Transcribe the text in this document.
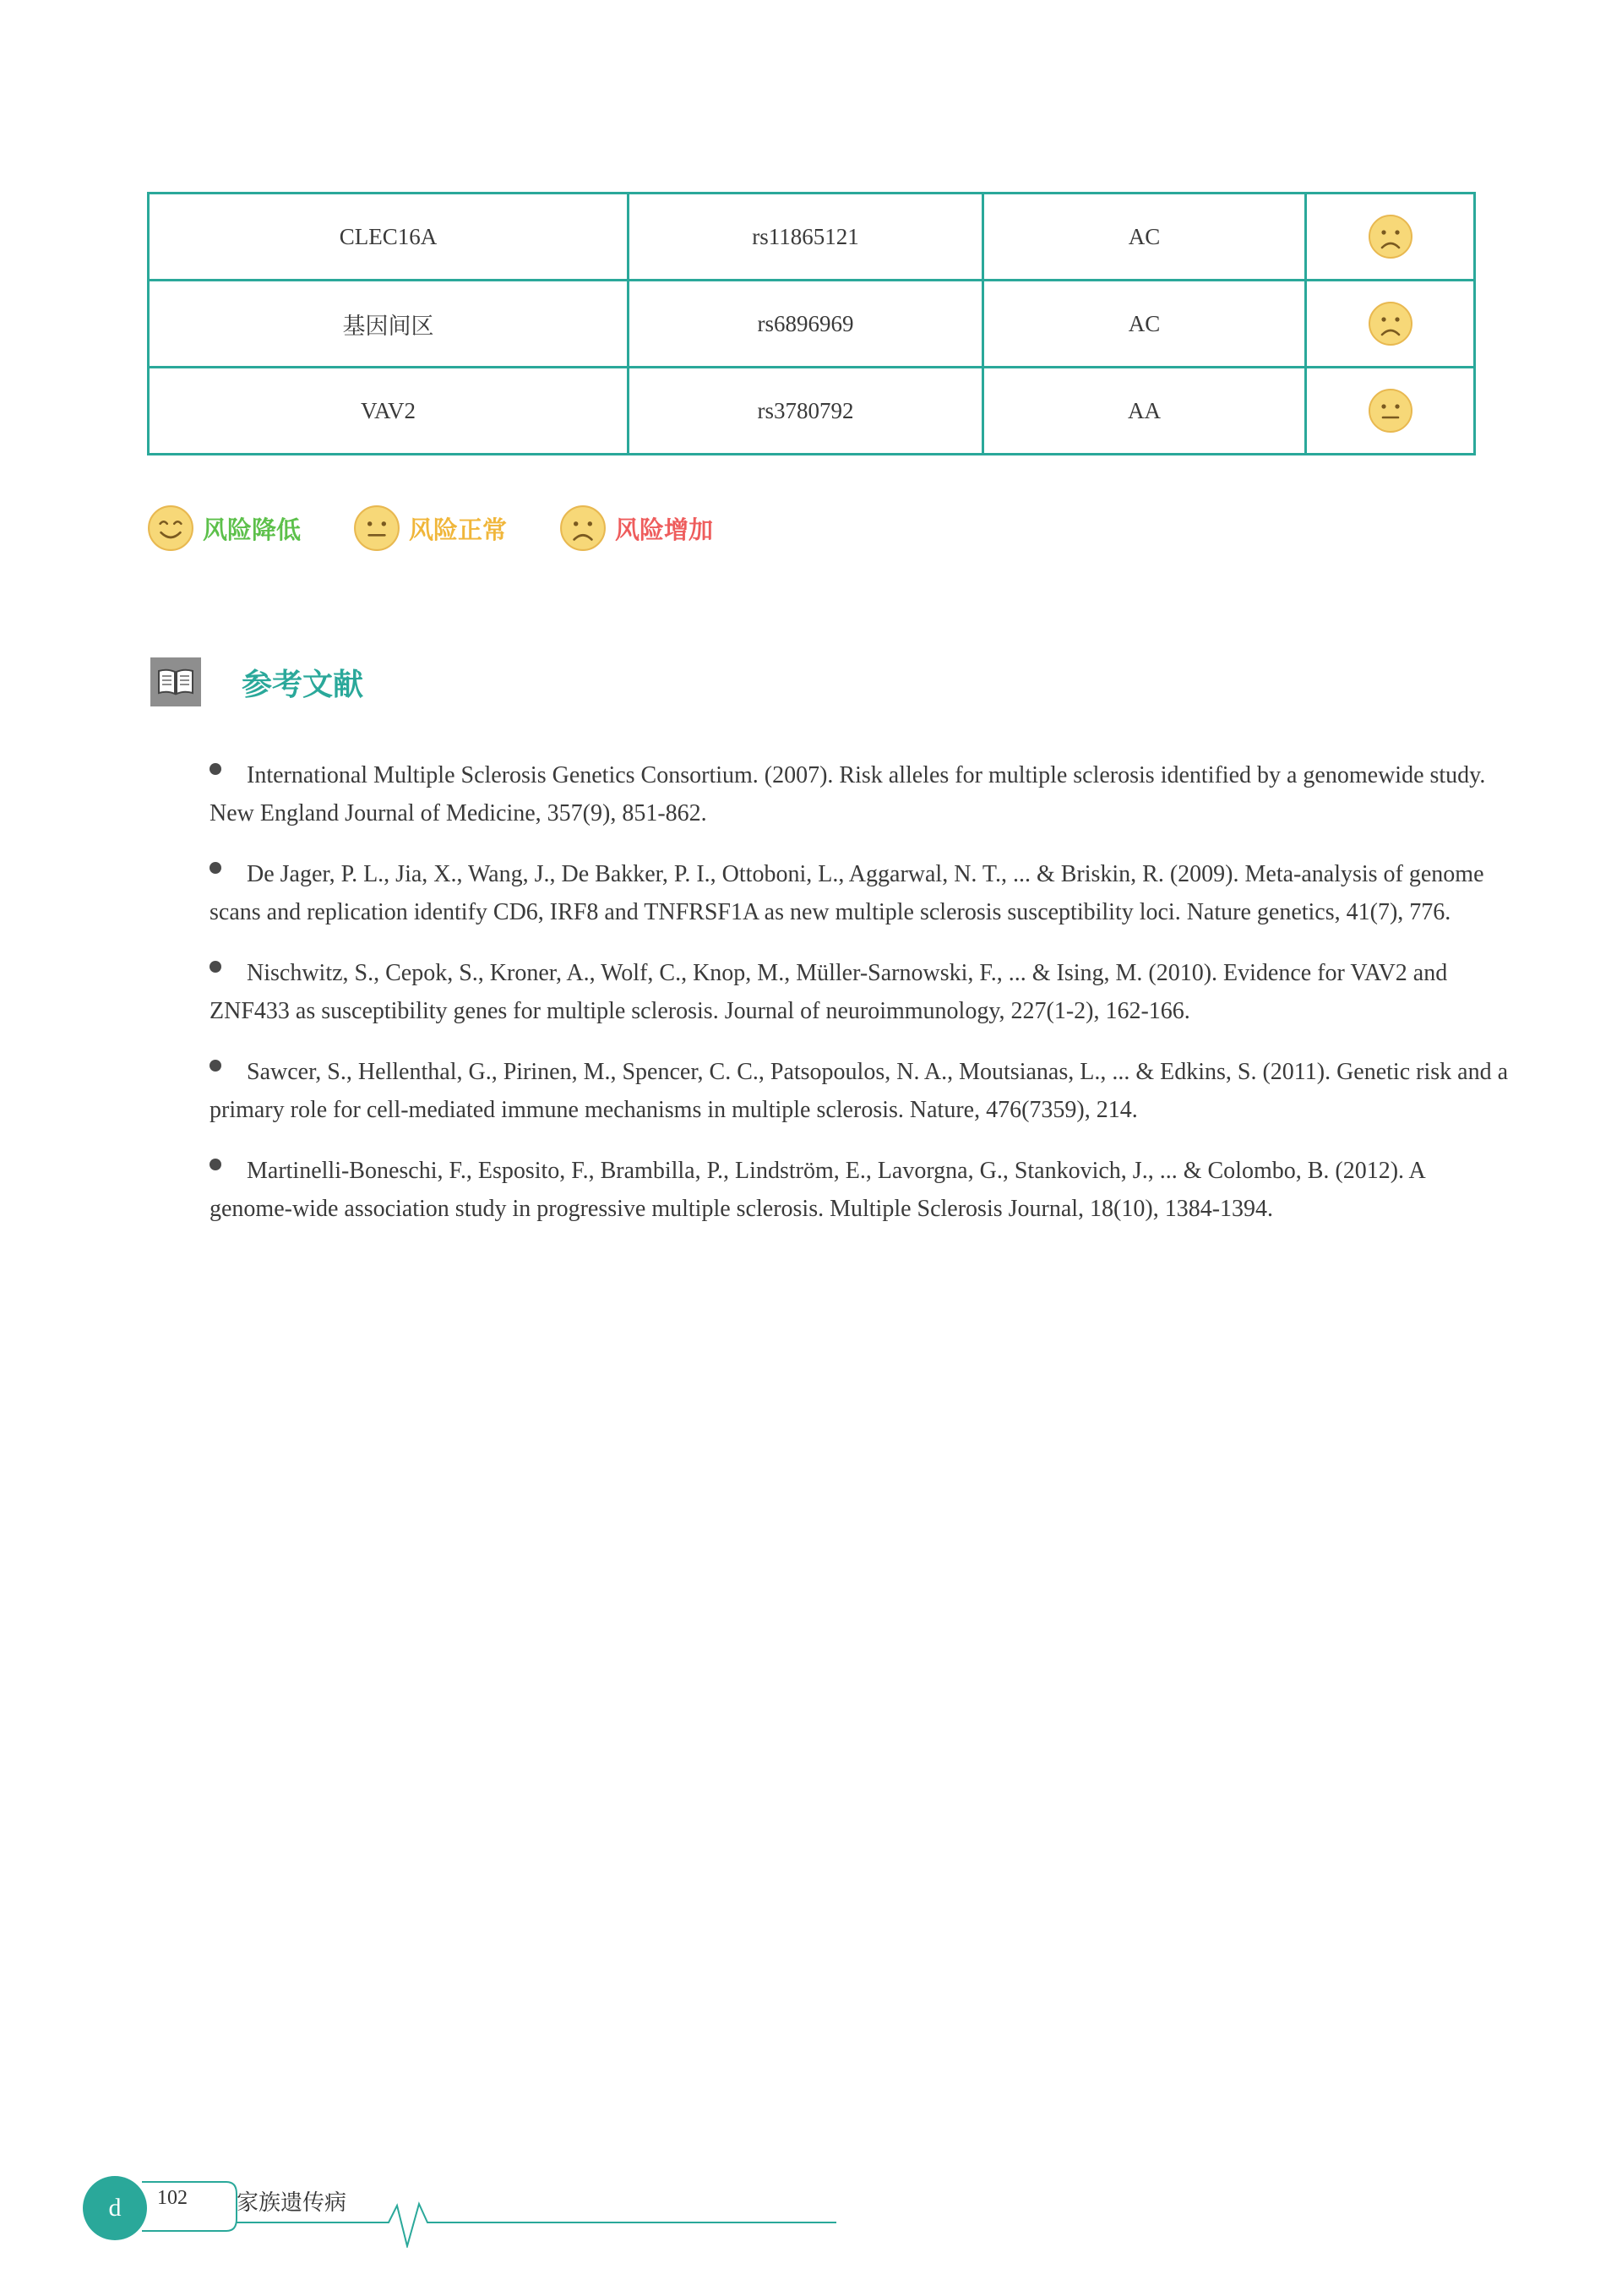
CLEC16A	rs11865121	AC	
基因间区	rs6896969	AC	
VAV2	rs3780792	AA	
风险降低	风险正常	风险增加
参考文献
International Multiple Sclerosis Genetics Consortium. (2007). Risk alleles for multiple sclerosis identified by a genomewide study. New England Journal of Medicine, 357(9), 851-862.
De Jager, P. L., Jia, X., Wang, J., De Bakker, P. I., Ottoboni, L., Aggarwal, N. T., ... & Briskin, R. (2009). Meta-analysis of genome scans and replication identify CD6, IRF8 and TNFRSF1A as new multiple sclerosis susceptibility loci. Nature genetics, 41(7), 776.
Nischwitz, S., Cepok, S., Kroner, A., Wolf, C., Knop, M., Müller-Sarnowski, F., ... & Ising, M. (2010). Evidence for VAV2 and ZNF433 as susceptibility genes for multiple sclerosis. Journal of neuroimmunology, 227(1-2), 162-166.
Sawcer, S., Hellenthal, G., Pirinen, M., Spencer, C. C., Patsopoulos, N. A., Moutsianas, L., ... & Edkins, S. (2011). Genetic risk and a primary role for cell-mediated immune mechanisms in multiple sclerosis. Nature, 476(7359), 214.
Martinelli-Boneschi, F., Esposito, F., Brambilla, P., Lindström, E., Lavorgna, G., Stankovich, J., ... & Colombo, B. (2012). A genome-wide association study in progressive multiple sclerosis. Multiple Sclerosis Journal, 18(10), 1384-1394.
d	102 家族遗传病
